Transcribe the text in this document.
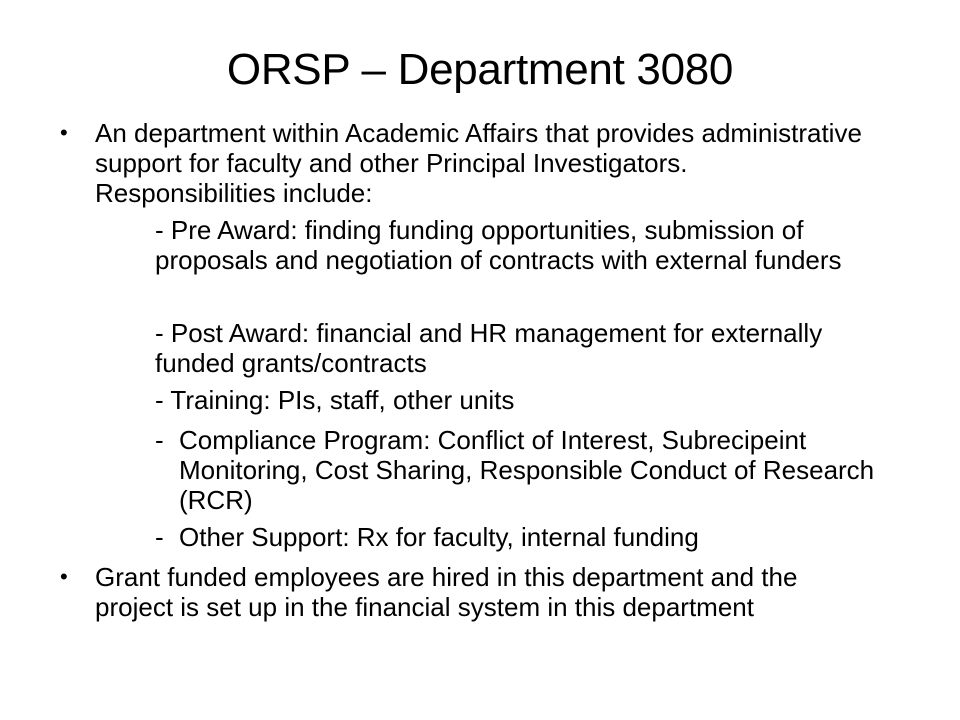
ORSP – Department 3080
• An department within Academic Affairs that provides administrative support for faculty and other Principal Investigators. Responsibilities include:
- Pre Award: finding funding opportunities, submission of proposals and negotiation of contracts with external funders
- Post Award: financial and HR management for externally funded grants/contracts
- Training: PIs, staff, other units
- Compliance Program: Conflict of Interest, Subrecipeint Monitoring, Cost Sharing, Responsible Conduct of Research (RCR)
- Other Support: Rx for faculty, internal funding
• Grant funded employees are hired in this department and the project is set up in the financial system in this department
